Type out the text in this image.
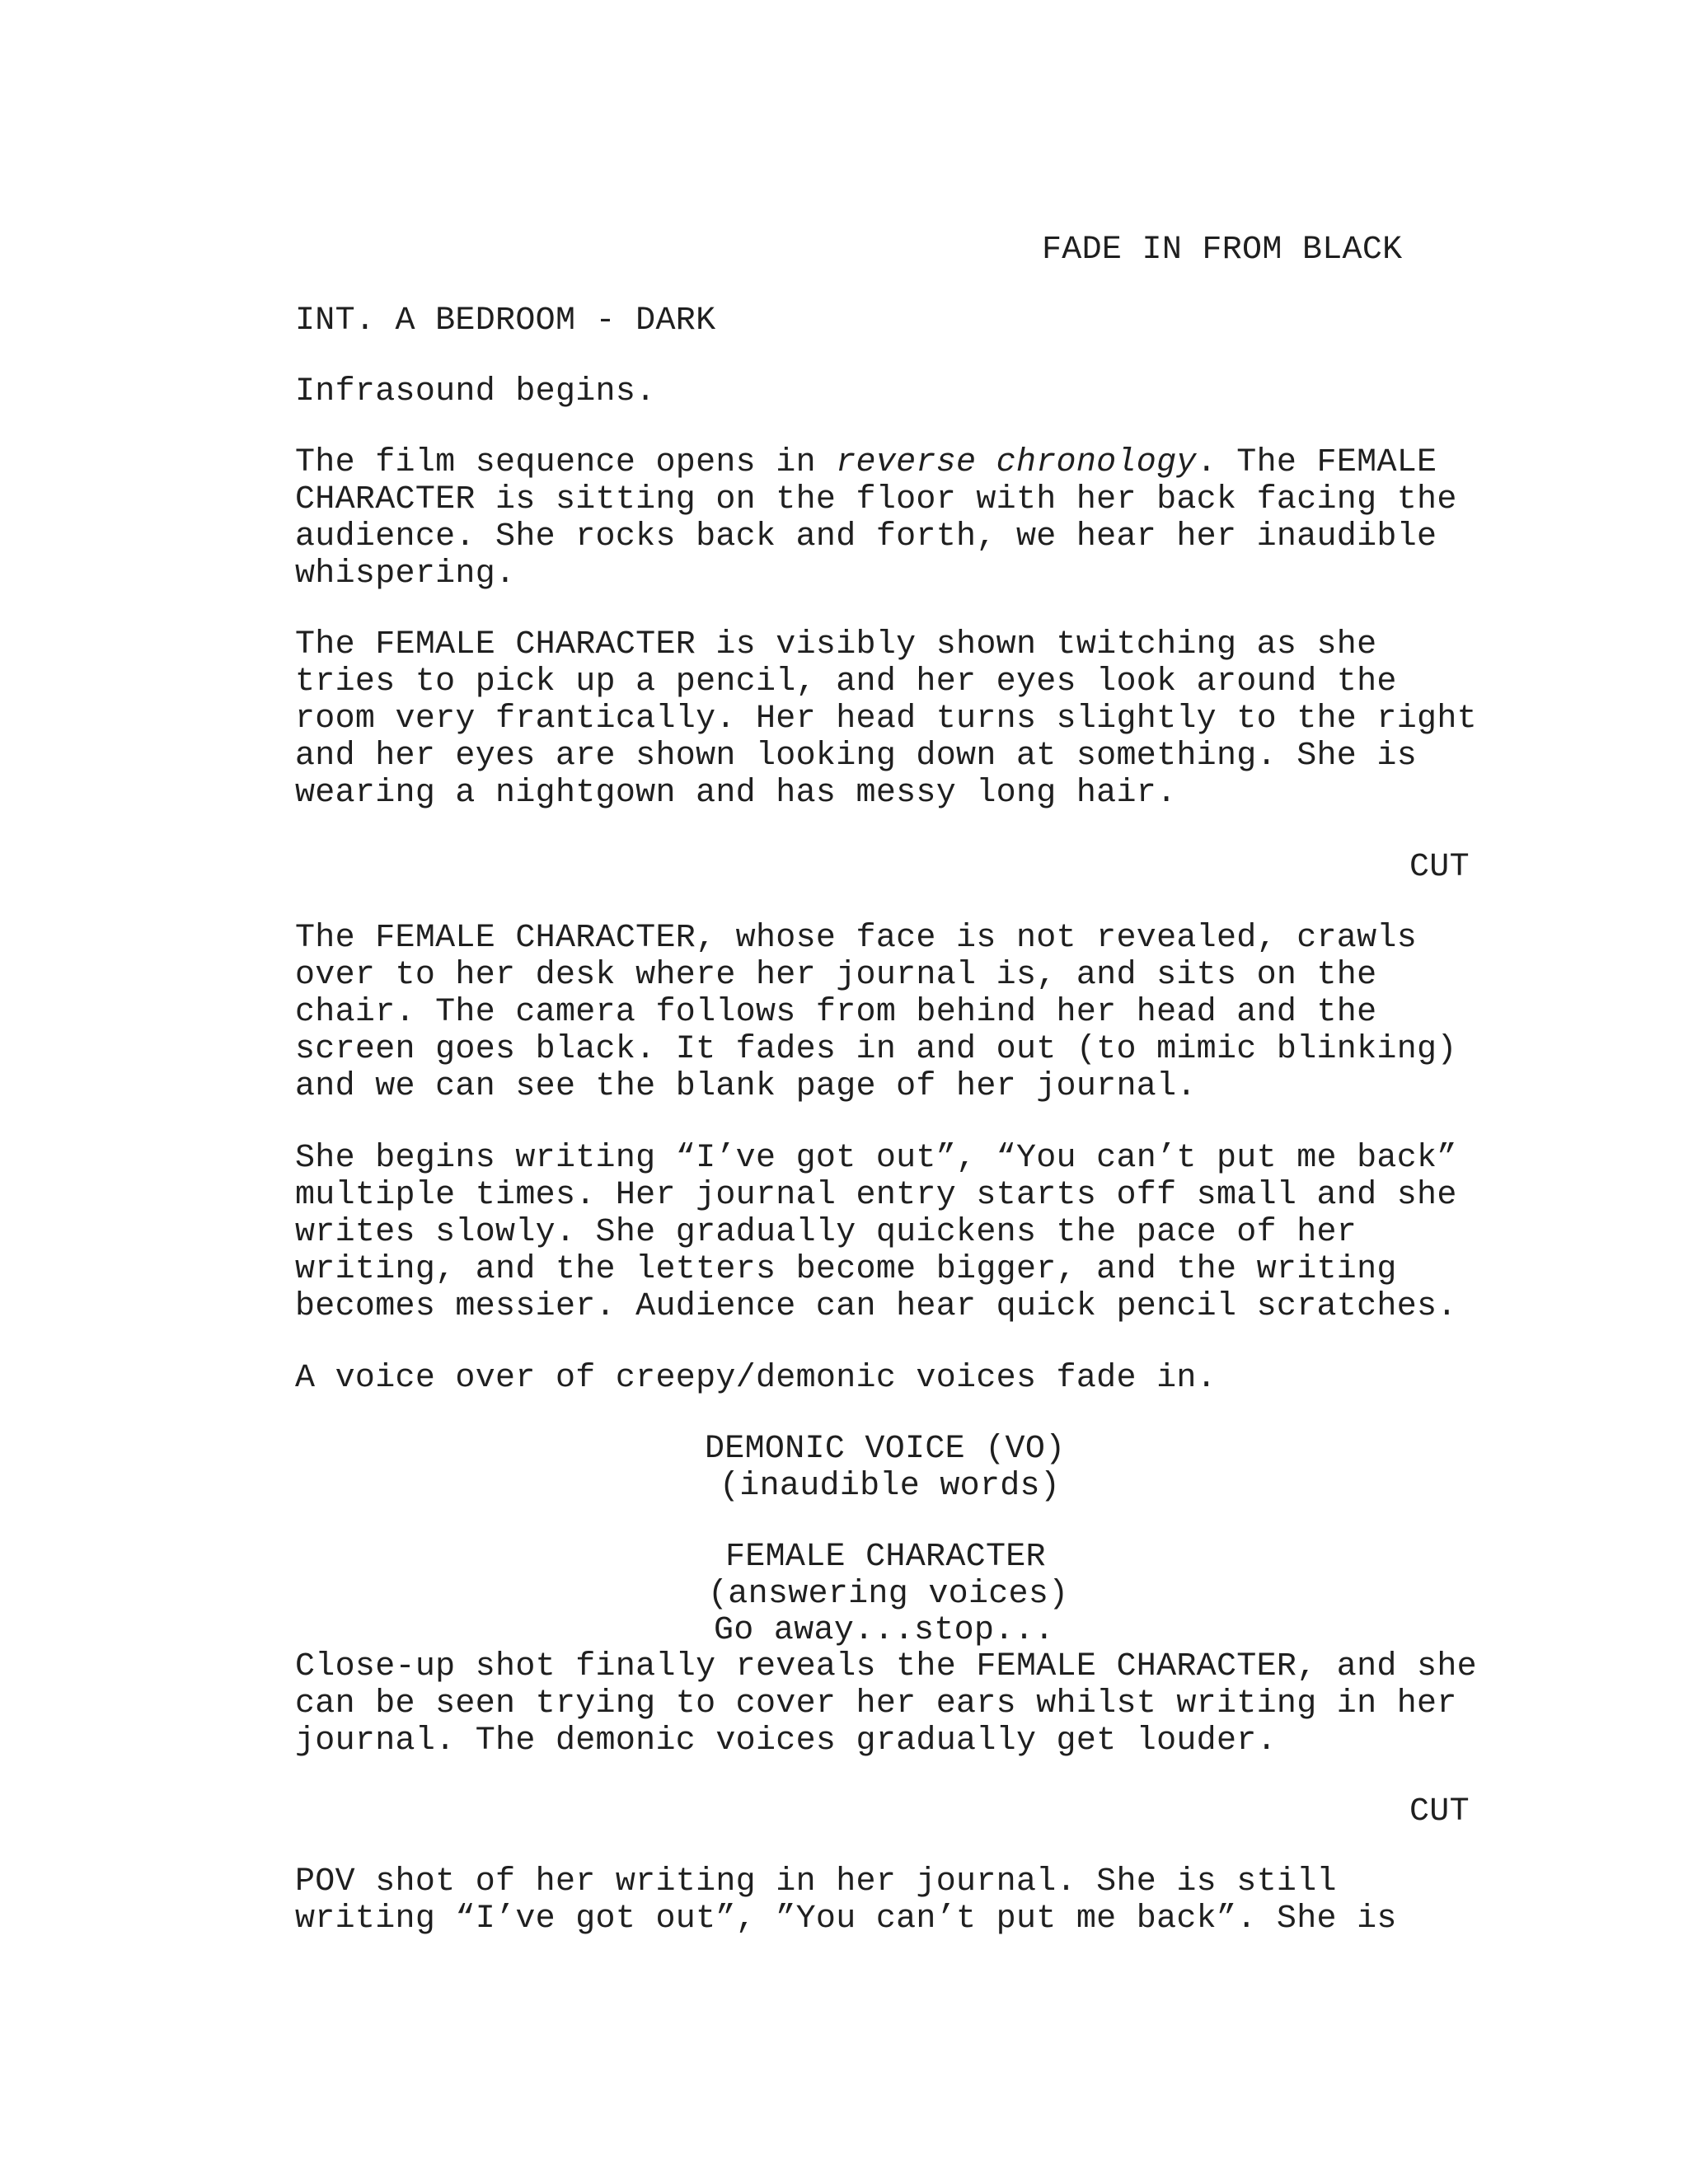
FADE IN FROM BLACK
INT. A BEDROOM - DARK
Infrasound begins.
The film sequence opens in reverse chronology. The FEMALE
CHARACTER is sitting on the floor with her back facing the
audience. She rocks back and forth, we hear her inaudible
whispering.
The FEMALE CHARACTER is visibly shown twitching as she
tries to pick up a pencil, and her eyes look around the
room very frantically. Her head turns slightly to the right
and her eyes are shown looking down at something. She is
wearing a nightgown and has messy long hair.
CUT
The FEMALE CHARACTER, whose face is not revealed, crawls
over to her desk where her journal is, and sits on the
chair. The camera follows from behind her head and the
screen goes black. It fades in and out (to mimic blinking)
and we can see the blank page of her journal.
She begins writing “I’ve got out”, “You can’t put me back”
multiple times. Her journal entry starts off small and she
writes slowly. She gradually quickens the pace of her
writing, and the letters become bigger, and the writing
becomes messier. Audience can hear quick pencil scratches.
A voice over of creepy/demonic voices fade in.
DEMONIC VOICE (VO)
(inaudible words)
FEMALE CHARACTER
(answering voices)
Go away...stop...
Close-up shot finally reveals the FEMALE CHARACTER, and she
can be seen trying to cover her ears whilst writing in her
journal. The demonic voices gradually get louder.
CUT
POV shot of her writing in her journal. She is still
writing “I’ve got out”, ”You can’t put me back”. She is
